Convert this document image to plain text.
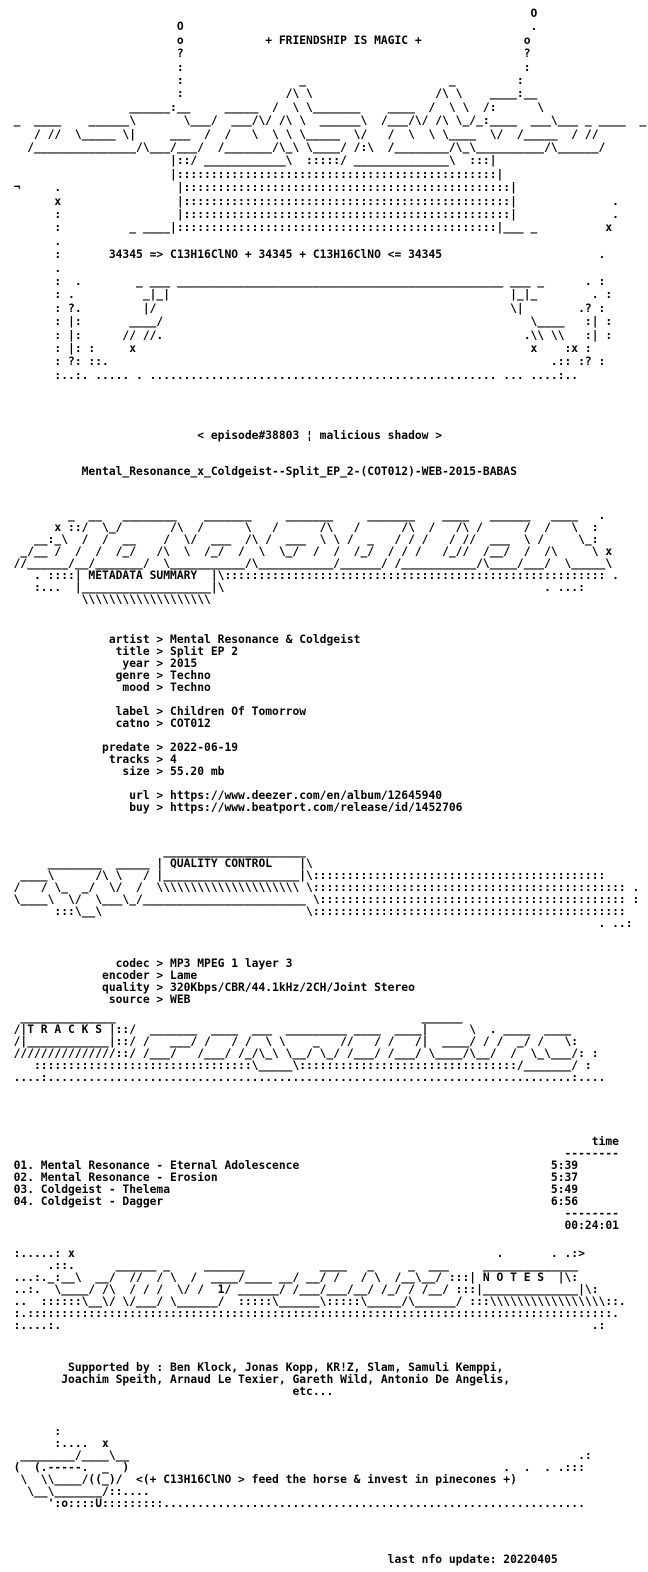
O
O                                                   .
o            + FRIENDSHIP IS MAGIC +               o
?                                                  ?
:                                                  :
:                 _                     _         :
:               /\ \                  /\ \    ____:__
______:__     _____  /  \ \_______    ____  /  \ \  /:      \
_  ____    ______\       \___/  ___/\/ /\ \  ______\  /___/\/ /\ \_/_:____  ___\___ _ ____  _
/ //  \_____ \|     ___  /  /   \  \ \ \_____  \/   /  \  \ \____  \/  /_____  / //
/_______________/\___/___/  /_______/\_\ \____/ /:\  /________/\_\__________/\______/
|::/ ____________\  :::::/ ______________\  :::|
|:::::::::::::::::::::::::::::::::::::::::::::::|
¬     .                 |::::::::::::::::::::::::::::::::::::::::::::::::|
x                 |::::::::::::::::::::::::::::::::::::::::::::::::|              .
:                 |::::::::::::::::::::::::::::::::::::::::::::::::|              .
:          _ ____|:::::::::::::::::::::::::::::::::::::::::::::::|___ _          x
.
:       34345 => C13H16ClNO + 34345 + C13H16ClNO <= 34345                       .
.
:  .        _ ___ ________________________________________________ ___ _      . :
: .          _|_|                                                  |_|_        . :
: ?.         |/                                                    \|        .? :
: |:       ____/                                                      \____   :| :
: |:      // //.                                                     .\\ \\   :| :
: |: :     x                                                          x    :x :
: ?: ::.                                                                 .:: :? :
:..:. ..... . ................................................... ... ....:..
< episode#38803 ¦ malicious shadow >
Mental_Resonance_x_Coldgeist--Split_EP_2-(COT012)-WEB-2015-BABAS
_  __   ________    _______     _______     _______    ____   ______   ____   .
x ::/  \_/       /\  /      \   /      /\   /      /\  /   /\ /      /  /   \  :
__:_\  /  /  __    /  \/  ___  /\ /  ___  \ \ /  _   / / /   / //  ___  \ /     \_:
_/__ /  /  /  /_/   /\  \  /_/  /  \  \_/  /  /  /_/  / / /   /_//  /__/  /  /\     \ x
//______/__/_______/  \___________/\___________/______/ /___________/\____/___/  \_____\
. ::::| METADATA SUMMARY  |\:::::::::::::::::::::::::::::::::::::::::::::::::::::::: .
:...  |___________________|\                                               . ...:
\\\\\\\\\\\\\\\\\\\
artist > Mental Resonance & Coldgeist
title > Split EP 2
year > 2015
genre > Techno
mood > Techno
label > Children Of Tomorrow
catno > COT012
predate > 2022-06-19
tracks > 4
size > 55.20 mb
url > https://www.deezer.com/en/album/12645940
buy > https://www.beatport.com/release/id/1452706
_____________________
________  _____ | QUALITY CONTROL    |\
____\      /\ \   / |____________________|\:::::::::::::::::::::::::::::::::::::::::::
/   / \_  _/  \/  /  \\\\\\\\\\\\\\\\\\\\\ \:::::::::::::::::::::::::::::::::::::::::::::: .
\____\  \/  \___\_/________________________ \::::::::::::::::::::::::::::::::::::::::::::: :
:::\__\                              \::::::::::::::::::::::::::::::::::::::::::::::
. ..:
codec > MP3 MPEG 1 layer 3
encoder > Lame
quality > 320Kbps/CBR/44.1kHz/2CH/Joint Stereo
source > WEB
______________                                             ______
/|T R A C K S |::/  _______  ____  ___  _________ ____  ____|      \  . ____  ____
/|____________|::/ /   ___/ /   / /  \ \    _   //   / /   /|  ____/ / /  _/ /   \:
///////////////::/ /___/   /___/ /_/\_\ \__/ \_/ /___/ /___/ \____/\__/  /  \_\___/: :
::::::::::::::::::::::::::::::::\_____\::::::::::::::::::::::::::::::::/_______/ :
....:.............................................................................:....
time
--------
01. Mental Resonance - Eternal Adolescence                                     5:39
02. Mental Resonance - Erosion                                                 5:37
03. Coldgeist - Thelema                                                        5:49
04. Coldgeist - Dagger                                                         6:56
--------
00:24:01
:.....: x                                                              .       . .:>
.::.      ______ _     ______           ____   _     _  ___     ______________
...:._:__\  __/  //  / \  /  ____/____ __/ __/ /   / \  /__\__/ :::| N O T E S  |\:
..:.  \____/ /\  / / /  \/ /  1/ ______/ /___/___/__/ /_/ / /__/ :::|______________|\:
..  ::::::\__\/ \/___/ \______/  :::::\______\:::::\_____/\______/ :::\\\\\\\\\\\\\\\\\::.
:.::::::::::::::::::::::::::::::::::::::::::::::::::::::::::::::::::::::::::::::::::::::.
:....:.                                                                              .:
Supported by : Ben Klock, Jonas Kopp, KR!Z, Slam, Samuli Kemppi,
Joachim Speith, Arnaud Le Texier, Gareth Wild, Antonio De Angelis,
etc...
:
:....  x
________/____\__                                                                  .:
(  (.-----.  _  )                                                       .  .  . .:::
\  \\____/((_)/  <(+ C13H16ClNO > feed the horse & invest in pinecones +)
\__\_______/::....
':o::::U:::::::::..............................................................
last nfo update: 20220405
